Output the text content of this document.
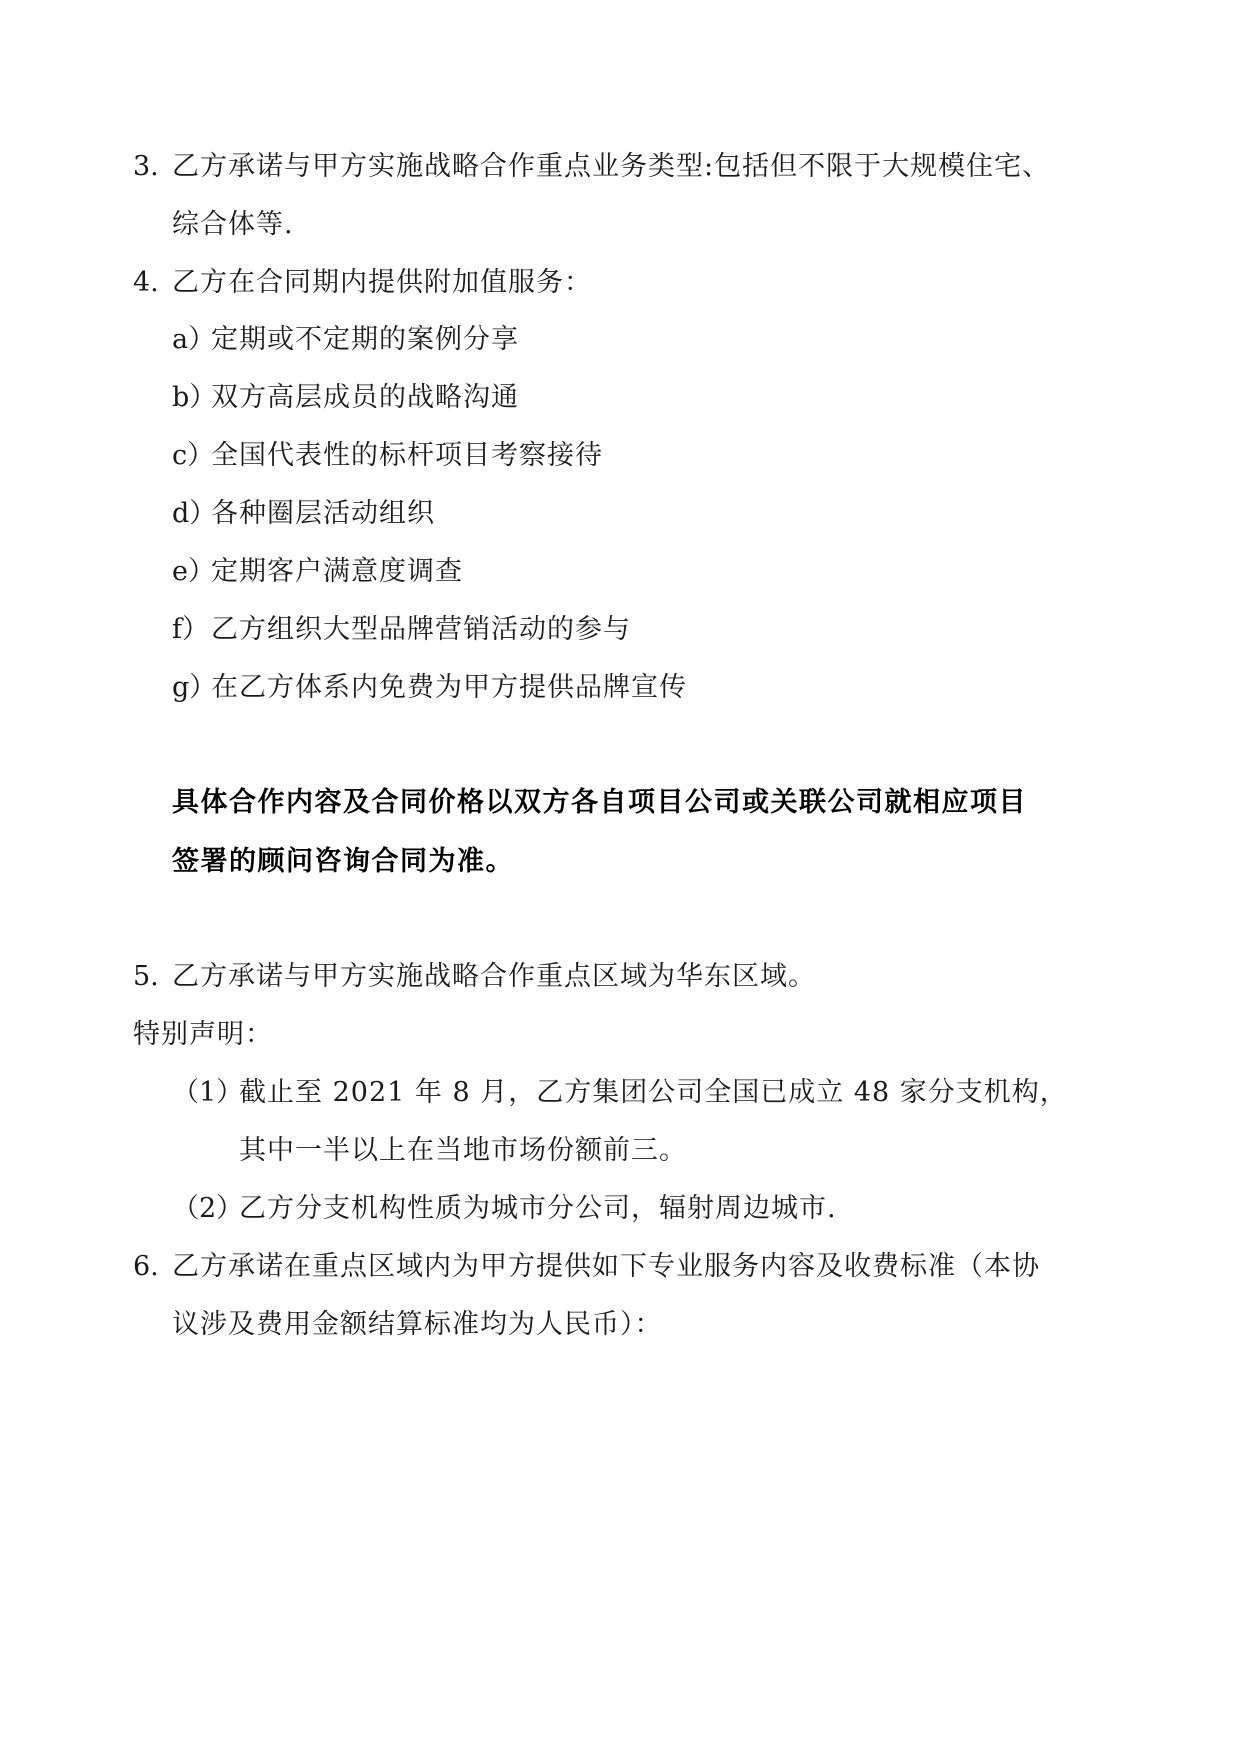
3. 乙方承诺与甲方实施战略合作重点业务类型:包括但不限于大规模住宅、
综合体等.
4. 乙方在合同期内提供附加值服务：
a）
定期或不定期的案例分享
b）
双方高层成员的战略沟通
c）
全国代表性的标杆项目考察接待
d）
各种圈层活动组织
e）
定期客户满意度调查
f） 乙方组织大型品牌营销活动的参与
g）
在乙方体系内免费为甲方提供品牌宣传
具体合作内容及合同价格以双方各自项目公司或关联公司就相应项目
签署的顾问咨询合同为准。
5. 乙方承诺与甲方实施战略合作重点区域为华东区域。
特别声明：
（1）
截止至 2021 年 8 月，乙方集团公司全国已成立 48 家分支机构，
其中一半以上在当地市场份额前三。
（2）
乙方分支机构性质为城市分公司，辐射周边城市.
6. 乙方承诺在重点区域内为甲方提供如下专业服务内容及收费标准（本协
议涉及费用金额结算标准均为人民币）：
